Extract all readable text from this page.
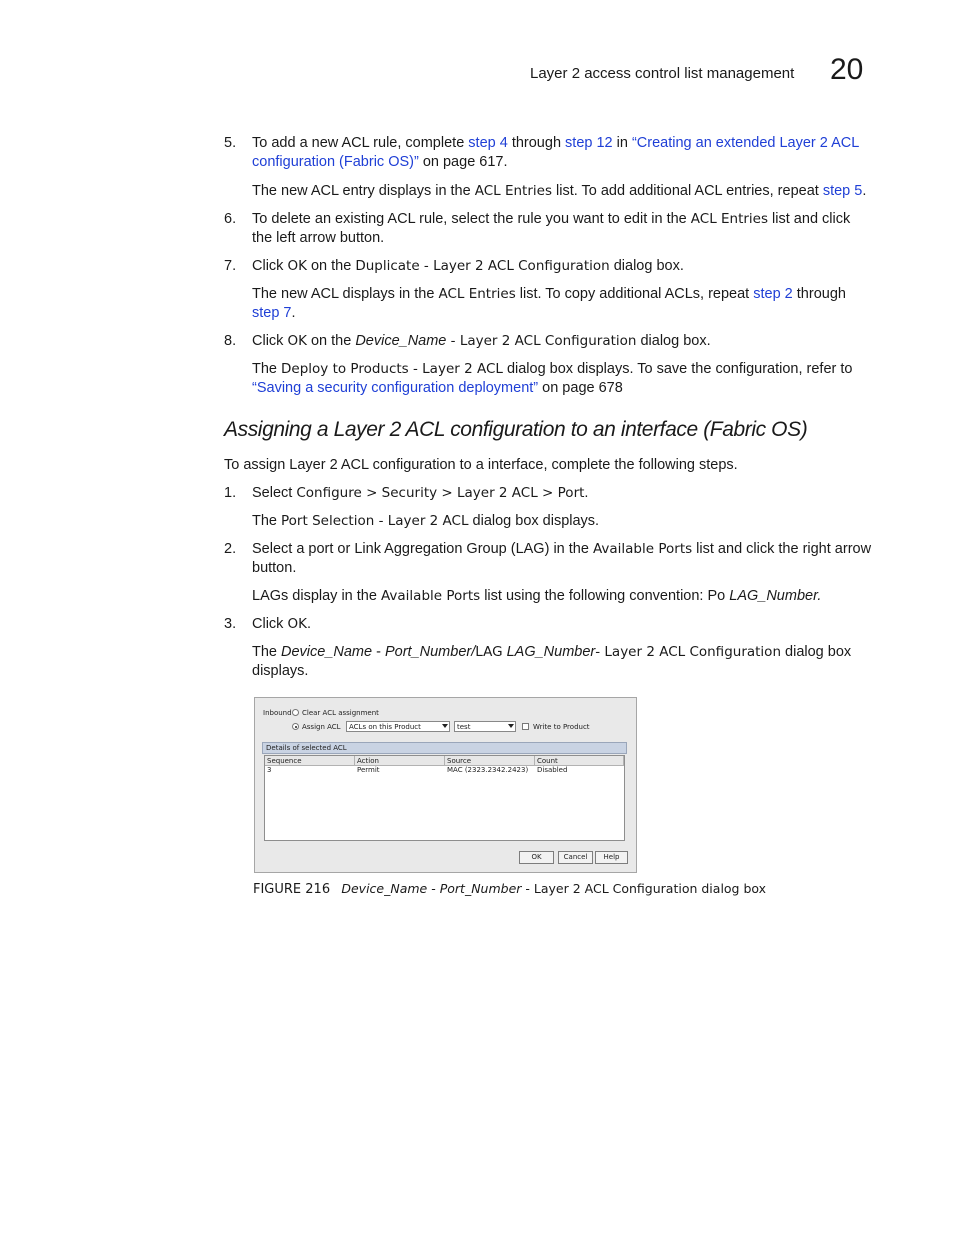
Layer 2 access control list management 20
5. To add a new ACL rule, complete step 4 through step 12 in “Creating an extended Layer 2 ACL
configuration (Fabric OS)” on page 617.
The new ACL entry displays in the ACL Entries list. To add additional ACL entries, repeat step 5.
6. To delete an existing ACL rule, select the rule you want to edit in the ACL Entries list and click
the left arrow button.
7. Click OK on the Duplicate - Layer 2 ACL Configuration dialog box.
The new ACL displays in the ACL Entries list. To copy additional ACLs, repeat step 2 through
step 7.
8. Click OK on the Device_Name - Layer 2 ACL Configuration dialog box.
The Deploy to Products - Layer 2 ACL dialog box displays. To save the configuration, refer to
“Saving a security configuration deployment” on page 678
Assigning a Layer 2 ACL configuration to an interface (Fabric OS)
To assign Layer 2 ACL configuration to a interface, complete the following steps.
1. Select Configure > Security > Layer 2 ACL > Port.
The Port Selection - Layer 2 ACL dialog box displays.
2. Select a port or Link Aggregation Group (LAG) in the Available Ports list and click the right arrow
button.
LAGs display in the Available Ports list using the following convention: Po LAG_Number.
3. Click OK.
The Device_Name - Port_Number/LAG LAG_Number- Layer 2 ACL Configuration dialog box
displays.
Inbound Clear ACL assignment
Assign ACL ACLs on this Product	test	Write to Product
Details of selected ACL
Sequence	Action	Source	Count
3	Permit	MAC (2323.2342.2423) Disabled
OK	Cancel	Help
FIGURE 216 Device_Name - Port_Number - Layer 2 ACL Configuration dialog box
